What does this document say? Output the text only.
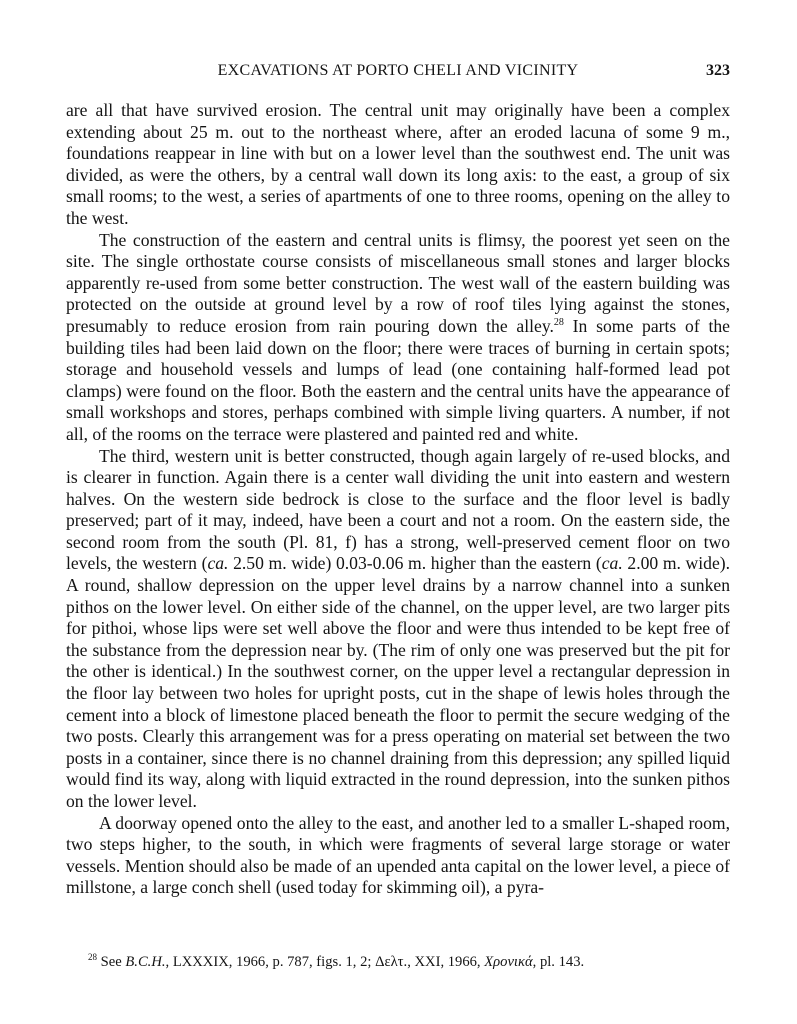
EXCAVATIONS AT PORTO CHELI AND VICINITY	323

are all that have survived erosion. The central unit may originally have been a complex extending about 25 m. out to the northeast where, after an eroded lacuna of some 9 m., foundations reappear in line with but on a lower level than the southwest end. The unit was divided, as were the others, by a central wall down its long axis: to the east, a group of six small rooms; to the west, a series of apartments of one to three rooms, opening on the alley to the west.

The construction of the eastern and central units is flimsy, the poorest yet seen on the site. The single orthostate course consists of miscellaneous small stones and larger blocks apparently re-used from some better construction. The west wall of the eastern building was protected on the outside at ground level by a row of roof tiles lying against the stones, presumably to reduce erosion from rain pouring down the alley.$^{28}$ In some parts of the building tiles had been laid down on the floor; there were traces of burning in certain spots; storage and household vessels and lumps of lead (one containing half-formed lead pot clamps) were found on the floor. Both the eastern and the central units have the appearance of small workshops and stores, perhaps combined with simple living quarters. A number, if not all, of the rooms on the terrace were plastered and painted red and white.

The third, western unit is better constructed, though again largely of re-used blocks, and is clearer in function. Again there is a center wall dividing the unit into eastern and western halves. On the western side bedrock is close to the surface and the floor level is badly preserved; part of it may, indeed, have been a court and not a room. On the eastern side, the second room from the south (Pl. 81, f) has a strong, well-preserved cement floor on two levels, the western (ca. 2.50 m. wide) 0.03-0.06 m. higher than the eastern (ca. 2.00 m. wide). A round, shallow depression on the upper level drains by a narrow channel into a sunken pithos on the lower level. On either side of the channel, on the upper level, are two larger pits for pithoi, whose lips were set well above the floor and were thus intended to be kept free of the substance from the depression near by. (The rim of only one was preserved but the pit for the other is identical.) In the southwest corner, on the upper level a rectangular depression in the floor lay between two holes for upright posts, cut in the shape of lewis holes through the cement into a block of limestone placed beneath the floor to permit the secure wedging of the two posts. Clearly this arrangement was for a press operating on material set between the two posts in a container, since there is no channel draining from this depression; any spilled liquid would find its way, along with liquid extracted in the round depression, into the sunken pithos on the lower level.

A doorway opened onto the alley to the east, and another led to a smaller L-shaped room, two steps higher, to the south, in which were fragments of several large storage or water vessels. Mention should also be made of an upended anta capital on the lower level, a piece of millstone, a large conch shell (used today for skimming oil), a pyra-

$^{28}$ See B.C.H., LXXXIX, 1966, p. 787, figs. 1, 2; Δελτ., XXI, 1966, Χρονικά, pl. 143.
